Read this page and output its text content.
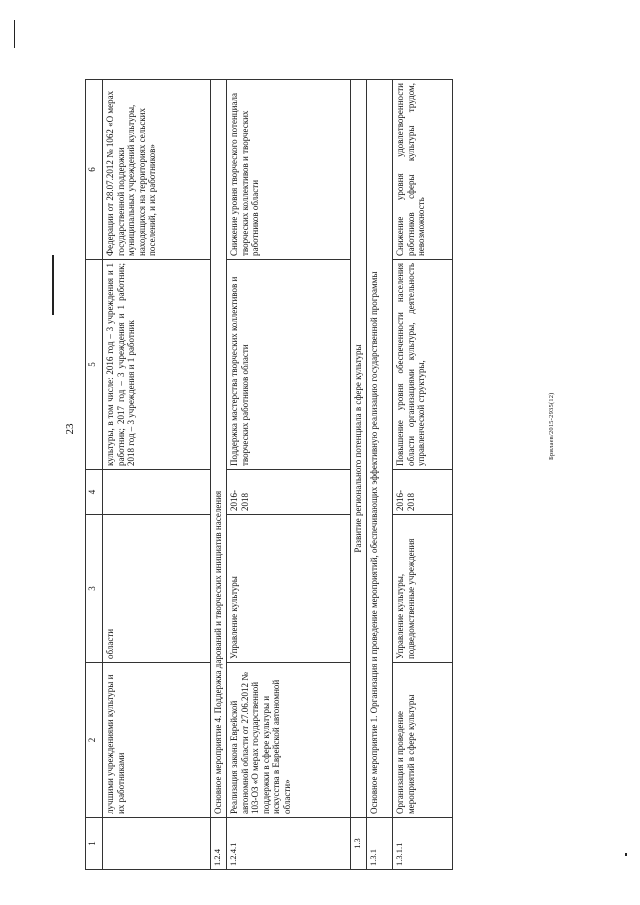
23
1	2	3	4	5	6
	лучшими учреждениями культуры и их работниками	области		культуры, в том числе: 2016 год – 3 учреждения и 1 работник; 2017 год – 3 учреждения и 1 работник; 2018 год – 3 учреждения и 1 работник	Федерации от 28.07.2012 № 1062 «О мерах государственной поддержки муниципальных учреждений культуры, находящихся на территориях сельских поселений, и их работников»
1.2.4	Основное мероприятие 4. Поддержка дарований и творческих инициатив населения				
1.2.4.1	Реализация закона Еврейской автономной области от 27.06.2012 № 103-ОЗ «О мерах государственной поддержки в сфере культуры и искусства в Еврейской автономной области»	Управление культуры	2016-2018	Поддержка мастерства творческих коллективов и творческих работников области	Снижение уровня творческого потенциала творческих коллективов и творческих работников области
1.3	Развитие регионального потенциала в сфере культуры				
1.3.1	Основное мероприятие 1. Организация и проведение мероприятий, обеспечивающих эффективную реализацию государственной программы				
1.3.1.1	Организация и проведение мероприятий в сфере культуры	Управление культуры, подведомственные учреждения	2016-2018	Повышение уровня обеспеченности населения области организациями культуры, деятельность управленческой структуры,	Снижение уровня удовлетворенности работников сферы культуры трудом, невозможность
Брилаев/2015-2935(12)
